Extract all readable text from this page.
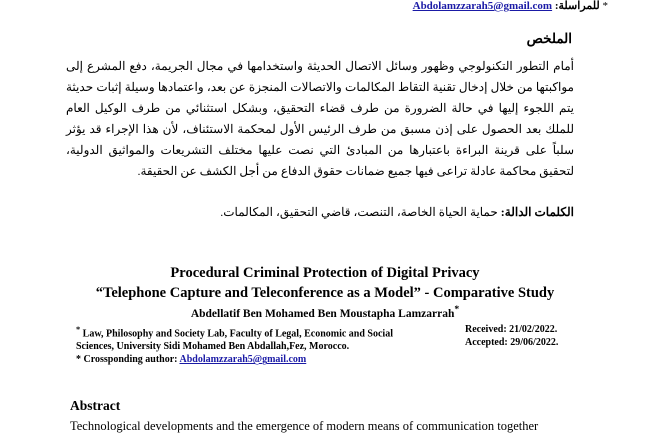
* للمراسلة: Abdolamzzarah5@gmail.com
الملخص
أمام التطور التكنولوجي وظهور وسائل الاتصال الحديثة واستخدامها في مجال الجريمة، دفع المشرع إلى مواكبتها من خلال إدخال تقنية التقاط المكالمات والاتصالات المنجزة عن بعد، واعتمادها وسيلة إثبات حديثة يتم اللجوء إليها في حالة الضرورة من طرف قضاء التحقيق، وبشكل استثنائي من طرف الوكيل العام للملك بعد الحصول على إذن مسبق من طرف الرئيس الأول لمحكمة الاستئناف، لأن هذا الإجراء قد يؤثر سلباً على قرينة البراءة باعتبارها من المبادئ التي نصت عليها مختلف التشريعات والمواثيق الدولية، لتحقيق محاكمة عادلة تراعى فيها جميع ضمانات حقوق الدفاع من أجل الكشف عن الحقيقة.
الكلمات الدالة: حماية الحياة الخاصة، التنصت، قاضي التحقيق، المكالمات.
Procedural Criminal Protection of Digital Privacy
“Telephone Capture and Teleconference as a Model” - Comparative Study
Abdellatif Ben Mohamed Ben Moustapha Lamzarrah*
* Law, Philosophy and Society Lab, Faculty of Legal, Economic and Social
Sciences, University Sidi Mohamed Ben Abdallah,Fez, Morocco.
* Crossponding author: Abdolamzzarah5@gmail.com
Received: 21/02/2022.
Accepted: 29/06/2022.
Abstract
Technological developments and the emergence of modern means of communication together
